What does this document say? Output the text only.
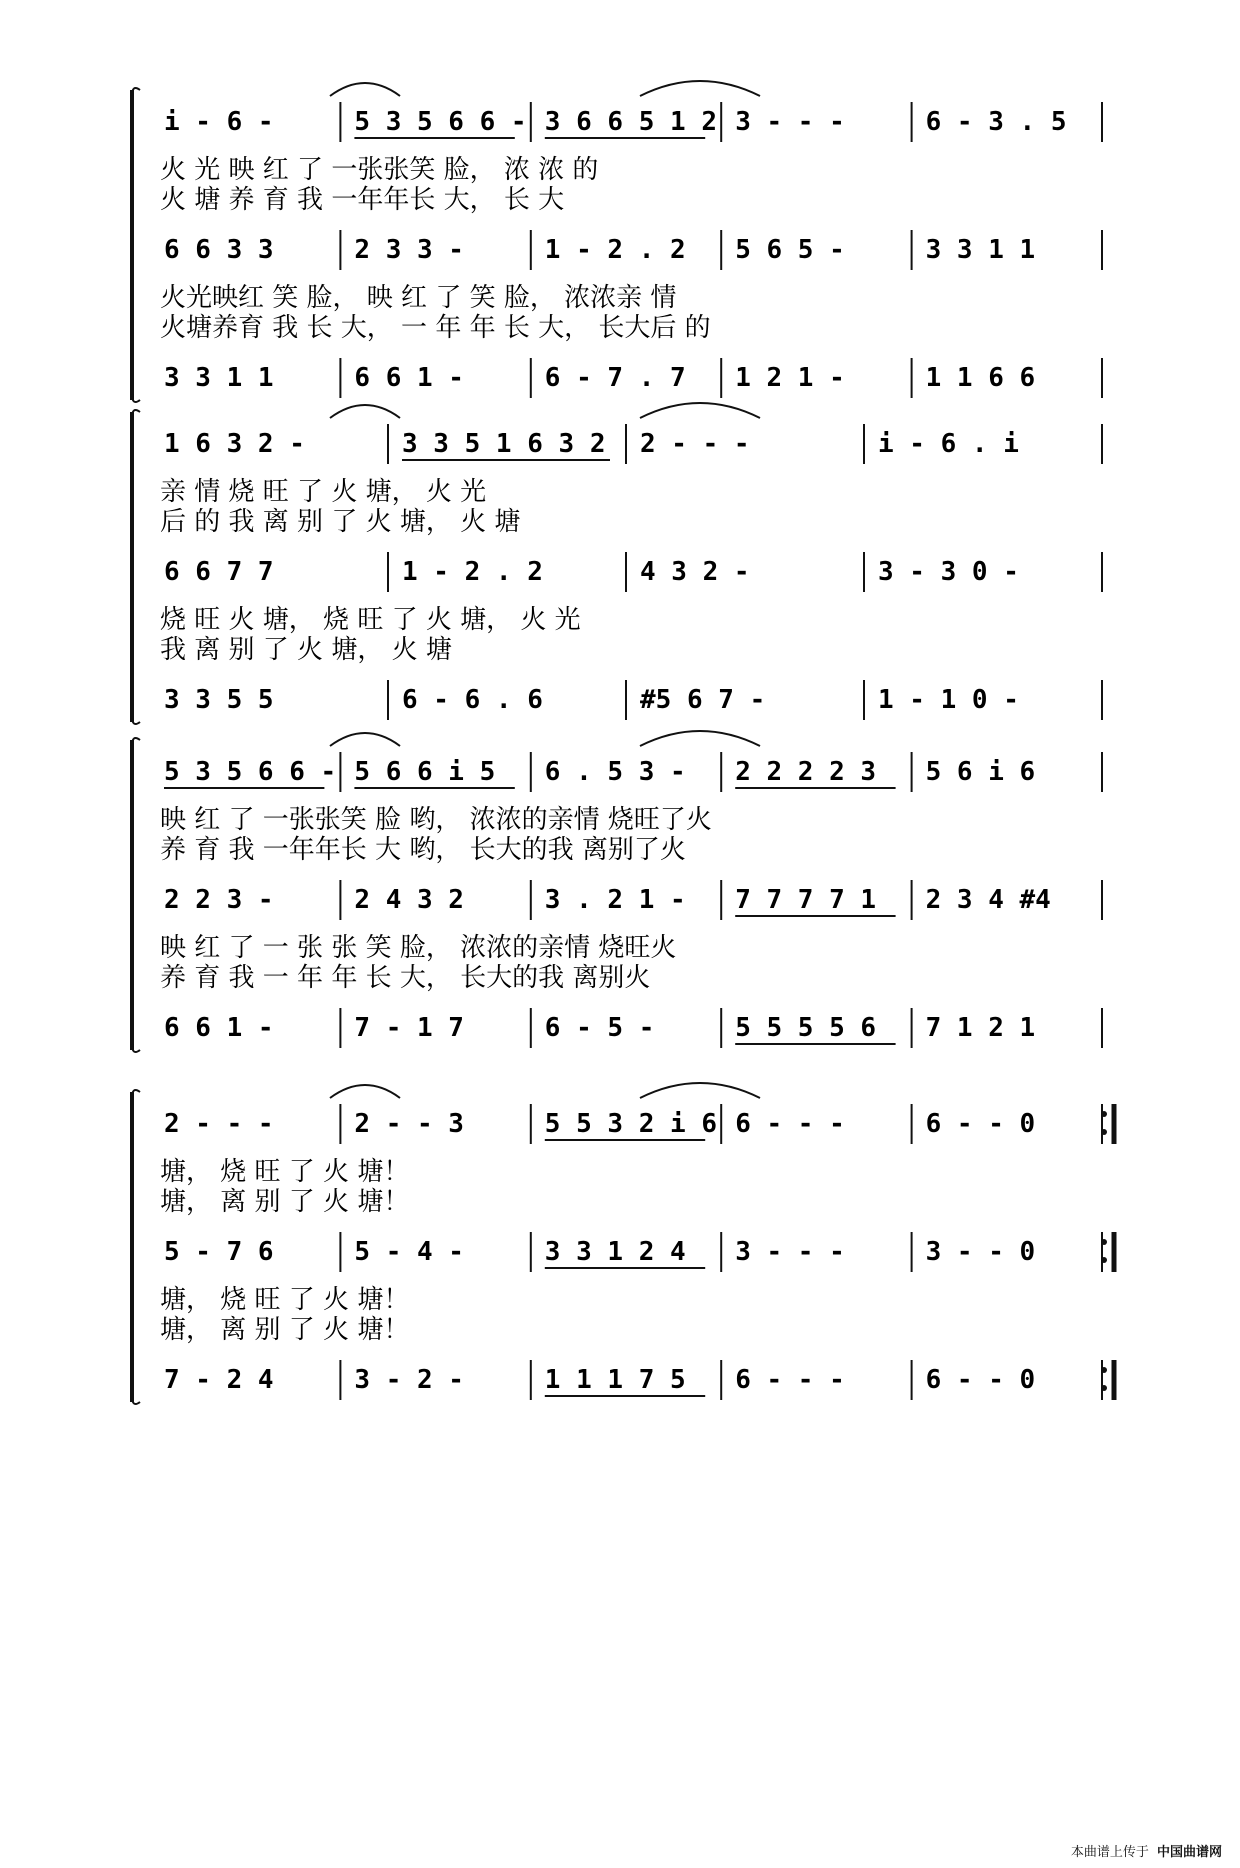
i - 6 -	5 3 5 6 6 - 3 6 6 5 1 2 3 - - -	6 - 3 . 5
火 光 映 红 了 一张张笑 脸， 浓 浓 的
火 塘 养 育 我 一年年长 大， 长 大
6 6 3 3	2 3 3 -	1 - 2 . 2 5 6 5 -	3 3 1 1
火光映红 笑 脸， 映 红 了 笑 脸， 浓浓亲 情
火塘养育 我 长 大， 一 年 年 长 大， 长大后 的
3 3 1 1	6 6 1 -	6 - 7 . 7 1 2 1 -	1 1 6 6
1 6 3 2 -	3 3 5 1 6 3 2 2 - - -	i - 6 . i
亲 情 烧 旺 了 火 塘， 火 光
后 的 我 离 别 了 火 塘， 火 塘
6 6 7 7	1 - 2 . 2	4 3 2 -	3 - 3 0 -
烧 旺 火 塘， 烧 旺 了 火 塘， 火 光
我 离 别 了 火 塘， 火 塘
3 3 5 5	6 - 6 . 6	#5 6 7 -	1 - 1 0 -
5 3 5 6 6 - 5 6 6 i 5 6 . 5 3 - 2 2 2 2 3 5 6 i 6
映 红 了 一张张笑 脸 哟， 浓浓的亲情 烧旺了火
养 育 我 一年年长 大 哟， 长大的我 离别了火
2 2 3 -	2 4 3 2	3 . 2 1 - 7 7 7 7 1 2 3 4 #4
映 红 了 一 张 张 笑 脸， 浓浓的亲情 烧旺火
养 育 我 一 年 年 长 大， 长大的我 离别火
6 6 1 -	7 - 1 7	6 - 5 -	5 5 5 5 6 7 1 2 1
2 - - -	2 - - 3	5 5 3 2 i 6 6 - - -	6 - - 0
塘， 烧 旺 了 火 塘！
塘， 离 别 了 火 塘！
5 - 7 6	5 - 4 -	3 3 1 2 4 3 - - -	3 - - 0
塘， 烧 旺 了 火 塘！
塘， 离 别 了 火 塘！
7 - 2 4	3 - 2 -	1 1 1 7 5 6 - - -	6 - - 0
本曲谱上传于 中国曲谱网
